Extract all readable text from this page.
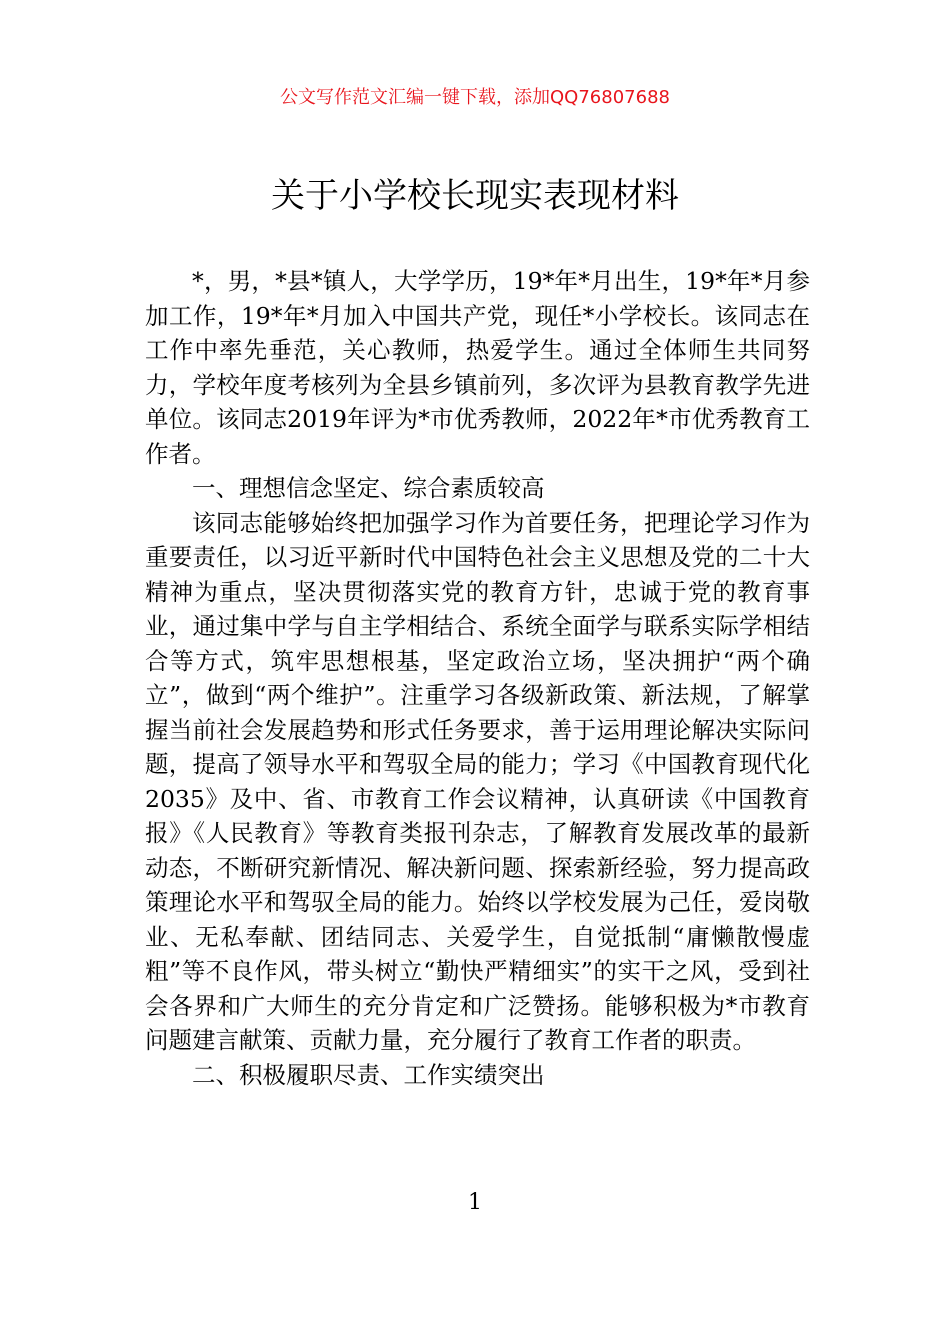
公文写作范文汇编一键下载，添加QQ76807688
关于小学校长现实表现材料

*，男，*县*镇人，大学学历，19*年*月出生，19*年*月参加工作，19*年*月加入中国共产党，现任*小学校长。该同志在工作中率先垂范，关心教师，热爱学生。通过全体师生共同努力，学校年度考核列为全县乡镇前列，多次评为县教育教学先进单位。该同志2019年评为*市优秀教师，2022年*市优秀教育工作者。

一、理想信念坚定、综合素质较高

该同志能够始终把加强学习作为首要任务，把理论学习作为重要责任，以习近平新时代中国特色社会主义思想及党的二十大精神为重点，坚决贯彻落实党的教育方针，忠诚于党的教育事业，通过集中学与自主学相结合、系统全面学与联系实际学相结合等方式，筑牢思想根基，坚定政治立场，坚决拥护“两个确立”，做到“两个维护”。注重学习各级新政策、新法规，了解掌握当前社会发展趋势和形式任务要求，善于运用理论解决实际问题，提高了领导水平和驾驭全局的能力；学习《中国教育现代化2035》及中、省、市教育工作会议精神，认真研读《中国教育报》《人民教育》等教育类报刊杂志，了解教育发展改革的最新动态，不断研究新情况、解决新问题、探索新经验，努力提高政策理论水平和驾驭全局的能力。始终以学校发展为己任，爱岗敬业、无私奉献、团结同志、关爱学生，自觉抵制“庸懒散慢虚粗”等不良作风，带头树立“勤快严精细实”的实干之风，受到社会各界和广大师生的充分肯定和广泛赞扬。能够积极为*市教育问题建言献策、贡献力量，充分履行了教育工作者的职责。

二、积极履职尽责、工作实绩突出

1
